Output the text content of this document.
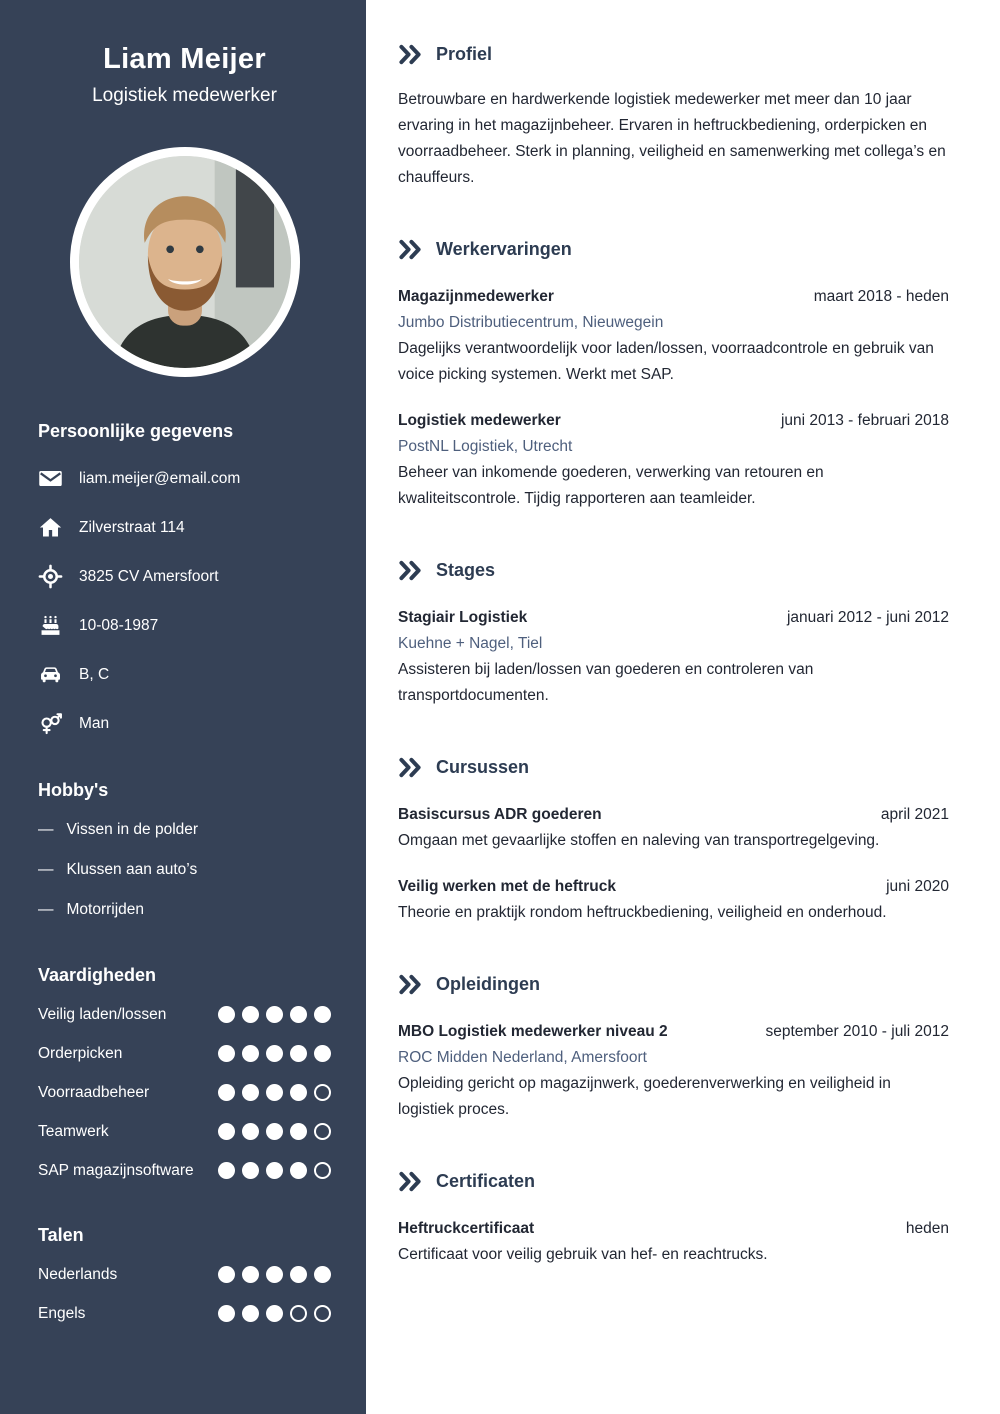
Liam Meijer
Logistiek medewerker
Persoonlijke gegevens
liam.meijer@email.com
Zilverstraat 114
3825 CV Amersfoort
10-08-1987
B, C
Man
Hobby's
— Vissen in de polder
— Klussen aan auto’s
— Motorrijden
Vaardigheden
Veilig laden/lossen
Orderpicken
Voorraadbeheer
Teamwerk
SAP magazijnsoftware
Talen
Nederlands
Engels
Profiel

Betrouwbare en hardwerkende logistiek medewerker met meer dan 10 jaar ervaring in het magazijnbeheer. Ervaren in heftruckbediening, orderpicken en voorraadbeheer. Sterk in planning, veiligheid en samenwerking met collega’s en chauffeurs.

Werkervaringen
Magazijnmedewerker	maart 2018 - heden
Jumbo Distributiecentrum, Nieuwegein
Dagelijks verantwoordelijk voor laden/lossen, voorraadcontrole en gebruik van voice picking systemen. Werkt met SAP.
Logistiek medewerker	juni 2013 - februari 2018
PostNL Logistiek, Utrecht
Beheer van inkomende goederen, verwerking van retouren en kwaliteitscontrole. Tijdig rapporteren aan teamleider.
Stages
Stagiair Logistiek	januari 2012 - juni 2012
Kuehne + Nagel, Tiel
Assisteren bij laden/lossen van goederen en controleren van transportdocumenten.
Cursussen
Basiscursus ADR goederen	april 2021
Omgaan met gevaarlijke stoffen en naleving van transportregelgeving.
Veilig werken met de heftruck	juni 2020
Theorie en praktijk rondom heftruckbediening, veiligheid en onderhoud.
Opleidingen
MBO Logistiek medewerker niveau 2	september 2010 - juli 2012
ROC Midden Nederland, Amersfoort
Opleiding gericht op magazijnwerk, goederenverwerking en veiligheid in logistiek proces.
Certificaten
Heftruckcertificaat	heden
Certificaat voor veilig gebruik van hef- en reachtrucks.
